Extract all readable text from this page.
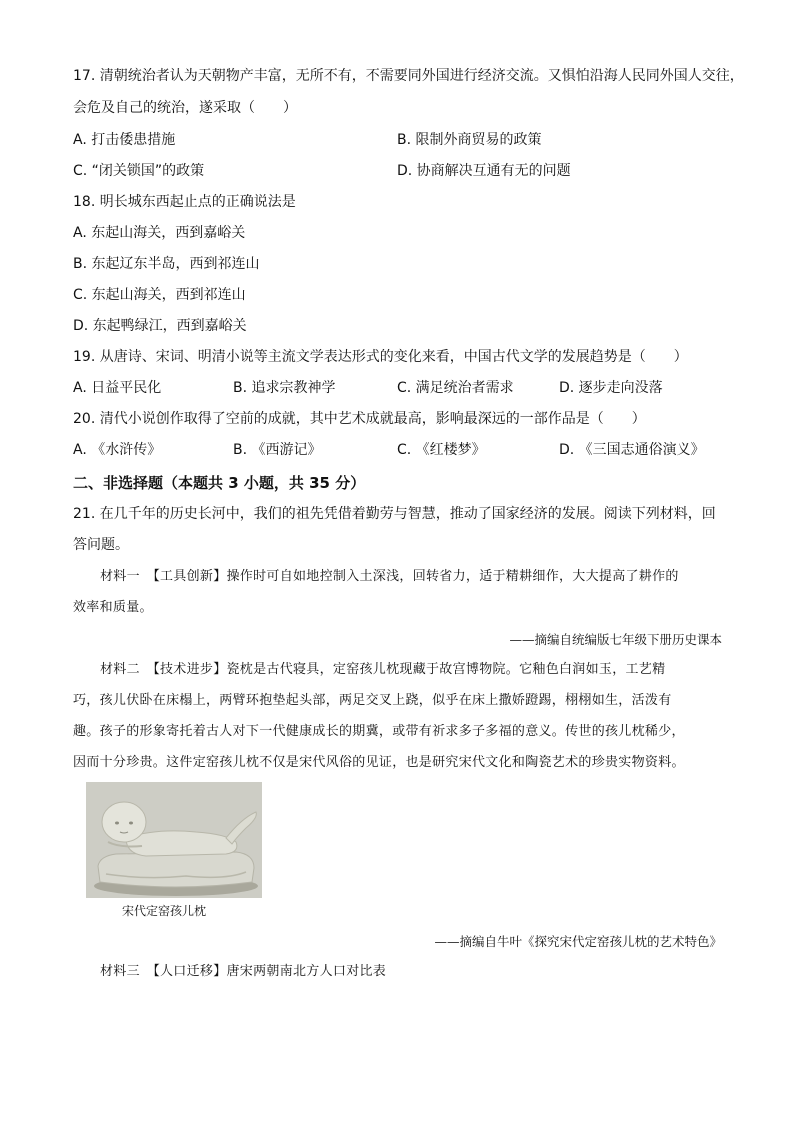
17. 清朝统治者认为天朝物产丰富，无所不有，不需要同外国进行经济交流。又惧怕沿海人民同外国人交往，
会危及自己的统治，遂采取（　　）
A. 打击倭患措施	B. 限制外商贸易的政策
C. “闭关锁国”的政策	D. 协商解决互通有无的问题
18. 明长城东西起止点的正确说法是
A. 东起山海关，西到嘉峪关
B. 东起辽东半岛，西到祁连山
C. 东起山海关，西到祁连山
D. 东起鸭绿江，西到嘉峪关
19. 从唐诗、宋词、明清小说等主流文学表达形式的变化来看，中国古代文学的发展趋势是（　　）
A. 日益平民化	B. 追求宗教神学	C. 满足统治者需求	D. 逐步走向没落
20. 清代小说创作取得了空前的成就，其中艺术成就最高，影响最深远的一部作品是（　　）
A. 《水浒传》	B. 《西游记》	C. 《红楼梦》	D. 《三国志通俗演义》
二、非选择题（本题共 3 小题，共 35 分）
21. 在几千年的历史长河中，我们的祖先凭借着勤劳与智慧，推动了国家经济的发展。阅读下列材料，回
答问题。
材料一　【工具创新】操作时可自如地控制入土深浅，回转省力，适于精耕细作，大大提高了耕作的
效率和质量。
——摘编自统编版七年级下册历史课本
材料二　【技术进步】瓷枕是古代寝具，定窑孩儿枕现藏于故宫博物院。它釉色白润如玉，工艺精
巧，孩儿伏卧在床榻上，两臂环抱垫起头部，两足交叉上跷，似乎在床上撒娇蹬踢，栩栩如生，活泼有
趣。孩子的形象寄托着古人对下一代健康成长的期冀，或带有祈求多子多福的意义。传世的孩儿枕稀少，
因而十分珍贵。这件定窑孩儿枕不仅是宋代风俗的见证，也是研究宋代文化和陶瓷艺术的珍贵实物资料。
宋代定窑孩儿枕
——摘编自牛叶《探究宋代定窑孩儿枕的艺术特色》
材料三　【人口迁移】唐宋两朝南北方人口对比表
